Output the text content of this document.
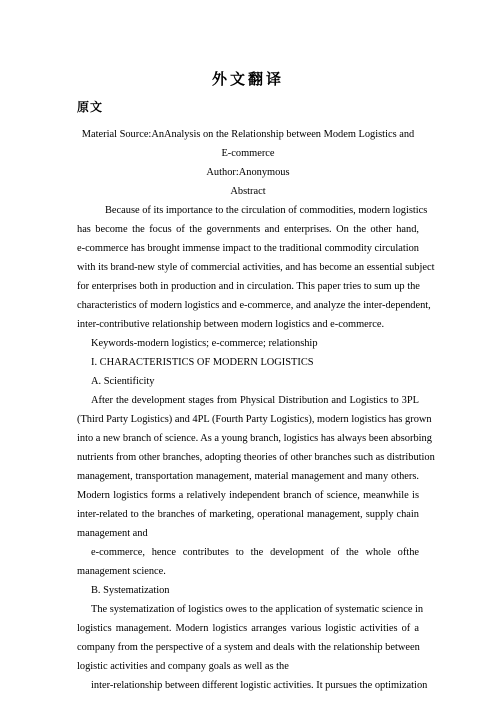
外文翻译
原文
Material Source:AnAnalysis on the Relationship between Modem Logistics and
E-commerce
Author:Anonymous
Abstract
Because of its importance to the circulation of commodities, modern logistics
has become the focus of the governments and enterprises. On the other hand,
e-commerce has brought immense impact to the traditional commodity circulation
with its brand-new style of commercial activities, and has become an essential subject
for enterprises both in production and in circulation. This paper tries to sum up the
characteristics of modern logistics and e-commerce, and analyze the inter-dependent,
inter-contributive relationship between modern logistics and e-commerce.
Keywords-modern logistics; e-commerce; relationship
I. CHARACTERISTICS OF MODERN LOGISTICS
A. Scientificity
After the development stages from Physical Distribution and Logistics to 3PL
(Third Party Logistics) and 4PL (Fourth Party Logistics), modern logistics has grown
into a new branch of science. As a young branch, logistics has always been absorbing
nutrients from other branches, adopting theories of other branches such as distribution
management, transportation management, material management and many others.
Modern logistics forms a relatively independent branch of science, meanwhile is
inter-related to the branches of marketing, operational management, supply chain
management and
e-commerce, hence contributes to the development of the whole ofthe
management science.
B. Systematization
The systematization of logistics owes to the application of systematic science in
logistics management. Modern logistics arranges various logistic activities of a
company from the perspective of a system and deals with the relationship between
logistic activities and company goals as well as the
inter-relationship between different logistic activities. It pursues the optimization
